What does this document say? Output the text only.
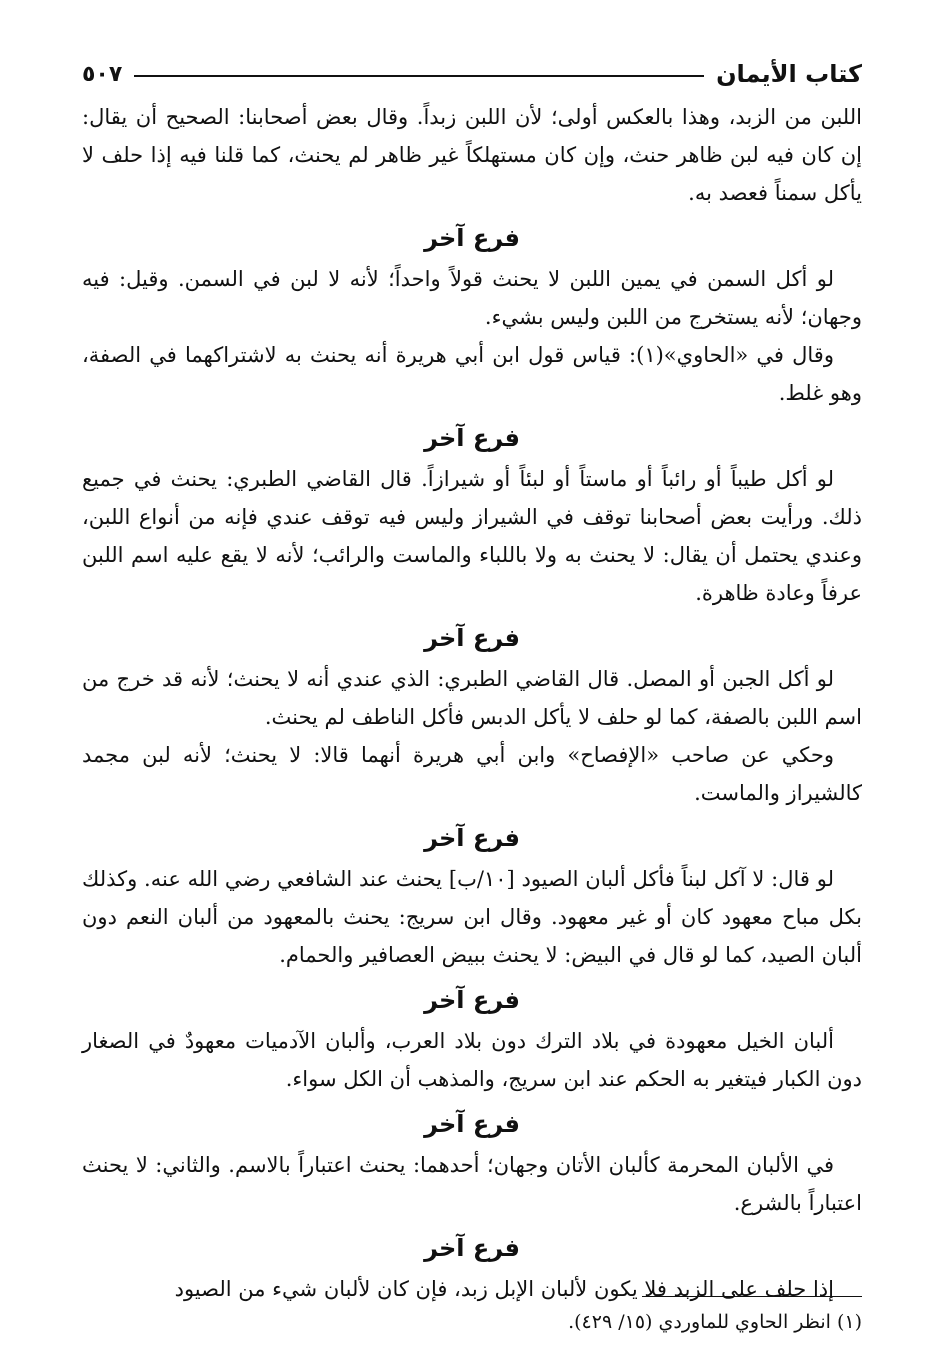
كتاب الأيمان
٥٠٧

اللبن من الزبد، وهذا بالعكس أولى؛ لأن اللبن زبداً. وقال بعض أصحابنا: الصحيح أن يقال: إن كان فيه لبن ظاهر حنث، وإن كان مستهلكاً غير ظاهر لم يحنث، كما قلنا فيه إذا حلف لا يأكل سمناً فعصد به.

فرع آخر

لو أكل السمن في يمين اللبن لا يحنث قولاً واحداً؛ لأنه لا لبن في السمن. وقيل: فيه وجهان؛ لأنه يستخرج من اللبن وليس بشيء.

وقال في «الحاوي»(١): قياس قول ابن أبي هريرة أنه يحنث به لاشتراكهما في الصفة، وهو غلط.

فرع آخر

لو أكل طيباً أو رائباً أو ماستاً أو لبئاً أو شيرازاً. قال القاضي الطبري: يحنث في جميع ذلك. ورأيت بعض أصحابنا توقف في الشيراز وليس فيه توقف عندي فإنه من أنواع اللبن، وعندي يحتمل أن يقال: لا يحنث به ولا باللباء والماست والرائب؛ لأنه لا يقع عليه اسم اللبن عرفاً وعادة ظاهرة.

فرع آخر

لو أكل الجبن أو المصل. قال القاضي الطبري: الذي عندي أنه لا يحنث؛ لأنه قد خرج من اسم اللبن بالصفة، كما لو حلف لا يأكل الدبس فأكل الناطف لم يحنث.

وحكي عن صاحب «الإفصاح» وابن أبي هريرة أنهما قالا: لا يحنث؛ لأنه لبن مجمد كالشيراز والماست.

فرع آخر

لو قال: لا آكل لبناً فأكل ألبان الصيود [١٠/ب] يحنث عند الشافعي رضي الله عنه. وكذلك بكل مباح معهود كان أو غير معهود. وقال ابن سريج: يحنث بالمعهود من ألبان النعم دون ألبان الصيد، كما لو قال في البيض: لا يحنث ببيض العصافير والحمام.

فرع آخر

ألبان الخيل معهودة في بلاد الترك دون بلاد العرب، وألبان الآدميات معهودٌ في الصغار دون الكبار فيتغير به الحكم عند ابن سريج، والمذهب أن الكل سواء.

فرع آخر

في الألبان المحرمة كألبان الأتان وجهان؛ أحدهما: يحنث اعتباراً بالاسم. والثاني: لا يحنث اعتباراً بالشرع.

فرع آخر

إذا حلف على الزبد فلا يكون لألبان الإبل زبد، فإن كان لألبان شيء من الصيود

(١) انظر الحاوي للماوردي (١٥/ ٤٢٩).
